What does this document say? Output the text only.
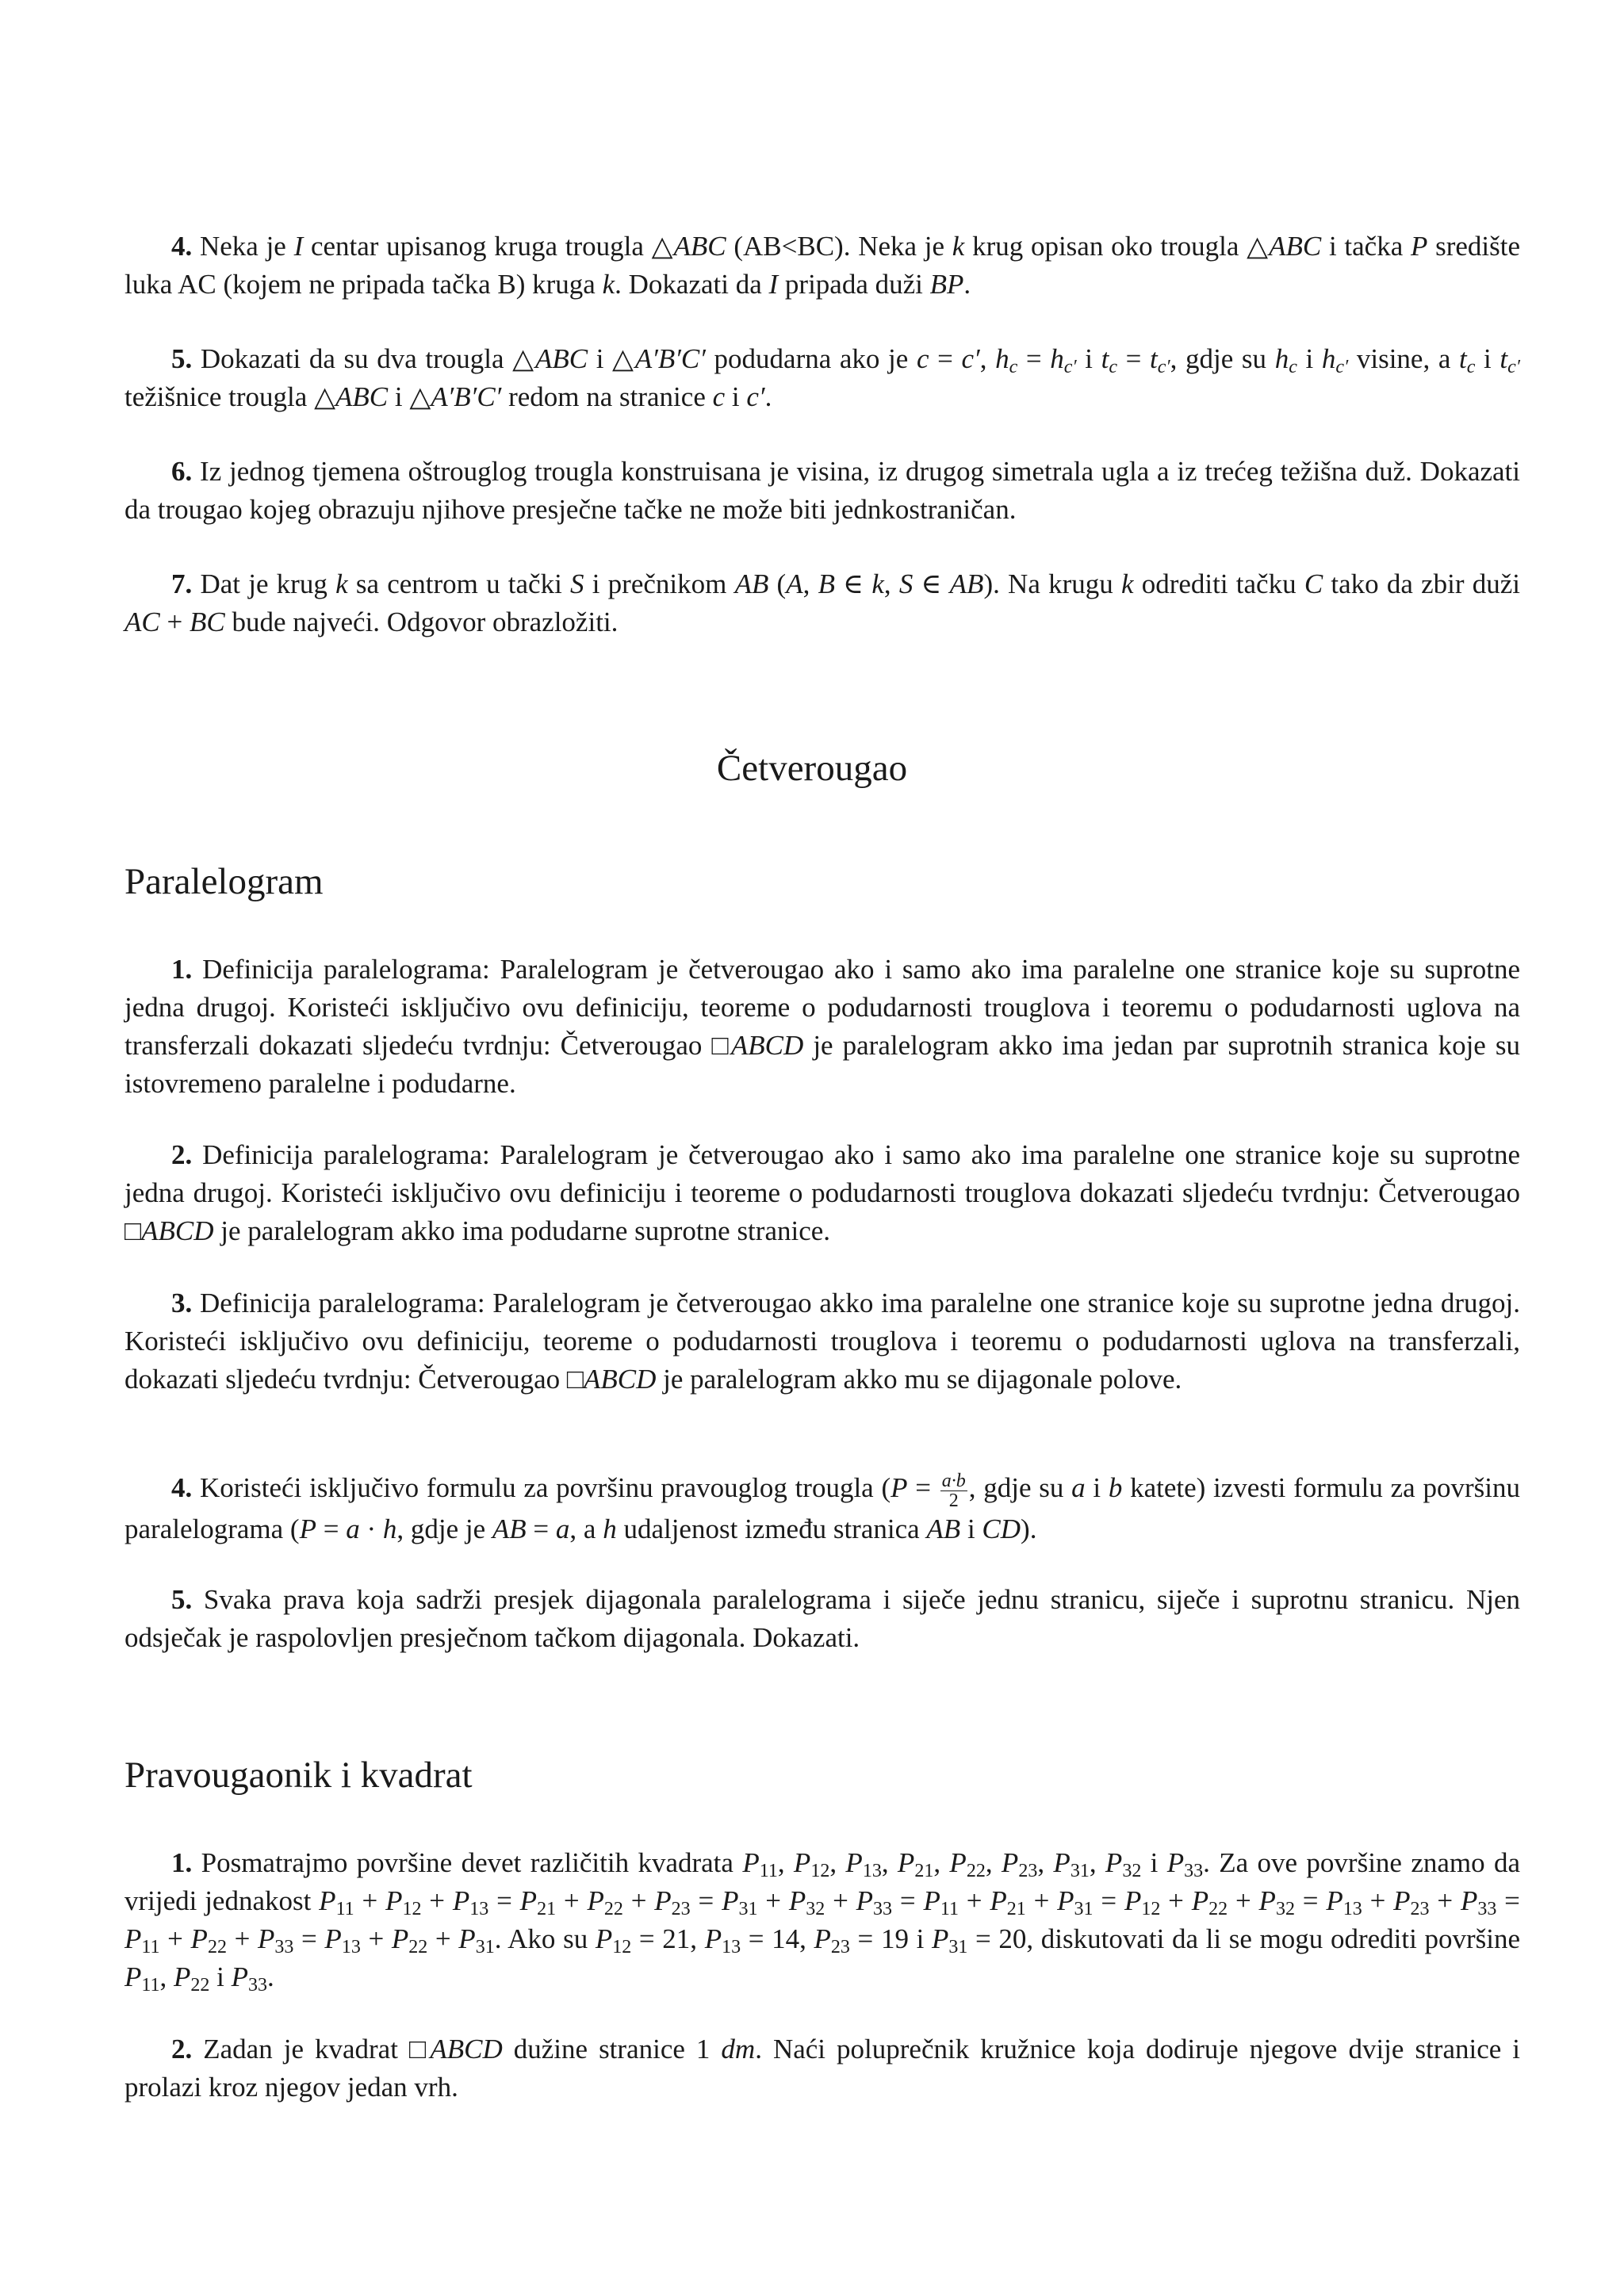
4. Neka je I centar upisanog kruga trougla △ABC (AB<BC). Neka je k krug opisan oko trougla △ABC i tačka P središte luka AC (kojem ne pripada tačka B) kruga k. Dokazati da I pripada duži BP.

5. Dokazati da su dva trougla △ABC i △A′B′C′ podudarna ako je c = c′, $h_c = h_{c'}$ i $t_c = t_{c'}$, gdje su $h_c$ i $h_{c'}$ visine, a $t_c$ i $t_{c'}$ težišnice trougla △ABC i △A′B′C′ redom na stranice c i c′.

6. Iz jednog tjemena oštrouglog trougla konstruisana je visina, iz drugog simetrala ugla a iz trećeg težišna duž. Dokazati da trougao kojeg obrazuju njihove presječne tačke ne može biti jednkostraničan.

7. Dat je krug k sa centrom u tački S i prečnikom AB (A, B ∈ k, S ∈ AB). Na krugu k odrediti tačku C tako da zbir duži AC + BC bude najveći. Odgovor obrazložiti.

Četverougao
Paralelogram

1. Definicija paralelograma: Paralelogram je četverougao ako i samo ako ima paralelne one stranice koje su suprotne jedna drugoj. Koristeći isključivo ovu definiciju, teoreme o podudarnosti trouglova i teoremu o podudarnosti uglova na transferzali dokazati sljedeću tvrdnju: Četverougao □ABCD je paralelogram akko ima jedan par suprotnih stranica koje su istovremeno paralelne i podudarne.

2. Definicija paralelograma: Paralelogram je četverougao ako i samo ako ima paralelne one stranice koje su suprotne jedna drugoj. Koristeći isključivo ovu definiciju i teoreme o podudarnosti trouglova dokazati sljedeću tvrdnju: Četverougao □ABCD je paralelogram akko ima podudarne suprotne stranice.

3. Definicija paralelograma: Paralelogram je četverougao akko ima paralelne one stranice koje su suprotne jedna drugoj. Koristeći isključivo ovu definiciju, teoreme o podudarnosti trouglova i teoremu o podudarnosti uglova na transferzali, dokazati sljedeću tvrdnju: Četverougao □ABCD je paralelogram akko mu se dijagonale polove.

4. Koristeći isključivo formulu za površinu pravouglog trougla ($P = \frac{a\cdot b}{2}$ , gdje su a i b katete) izvesti formulu za površinu paralelograma (P = a · h, gdje je AB = a, a h udaljenost između stranica AB i CD).

5. Svaka prava koja sadrži presjek dijagonala paralelograma i siječe jednu stranicu, siječe i suprotnu stranicu. Njen odsječak je raspolovljen presječnom tačkom dijagonala. Dokazati.

Pravougaonik i kvadrat

1. Posmatrajmo površine devet različitih kvadrata $P_{11}$, $P_{12}$, $P_{13}$, $P_{21}$, $P_{22}$, $P_{23}$, $P_{31}$, $P_{32}$ i $P_{33}$. Za ove površine znamo da vrijedi jednakost $P_{11} + P_{12} + P_{13} = P_{21} + P_{22} + P_{23} = P_{31} + P_{32} + P_{33} = P_{11} + P_{21} + P_{31} = P_{12} + P_{22} + P_{32} = P_{13} + P_{23} + P_{33} = P_{11} + P_{22} + P_{33} = P_{13} + P_{22} + P_{31}$. Ako su $P_{12} = 21$, $P_{13} = 14$, $P_{23} = 19$ i $P_{31} = 20$, diskutovati da li se mogu odrediti površine $P_{11}$, $P_{22}$ i $P_{33}$.

2. Zadan je kvadrat □ABCD dužine stranice 1 dm. Naći poluprečnik kružnice koja dodiruje njegove dvije stranice i prolazi kroz njegov jedan vrh.
